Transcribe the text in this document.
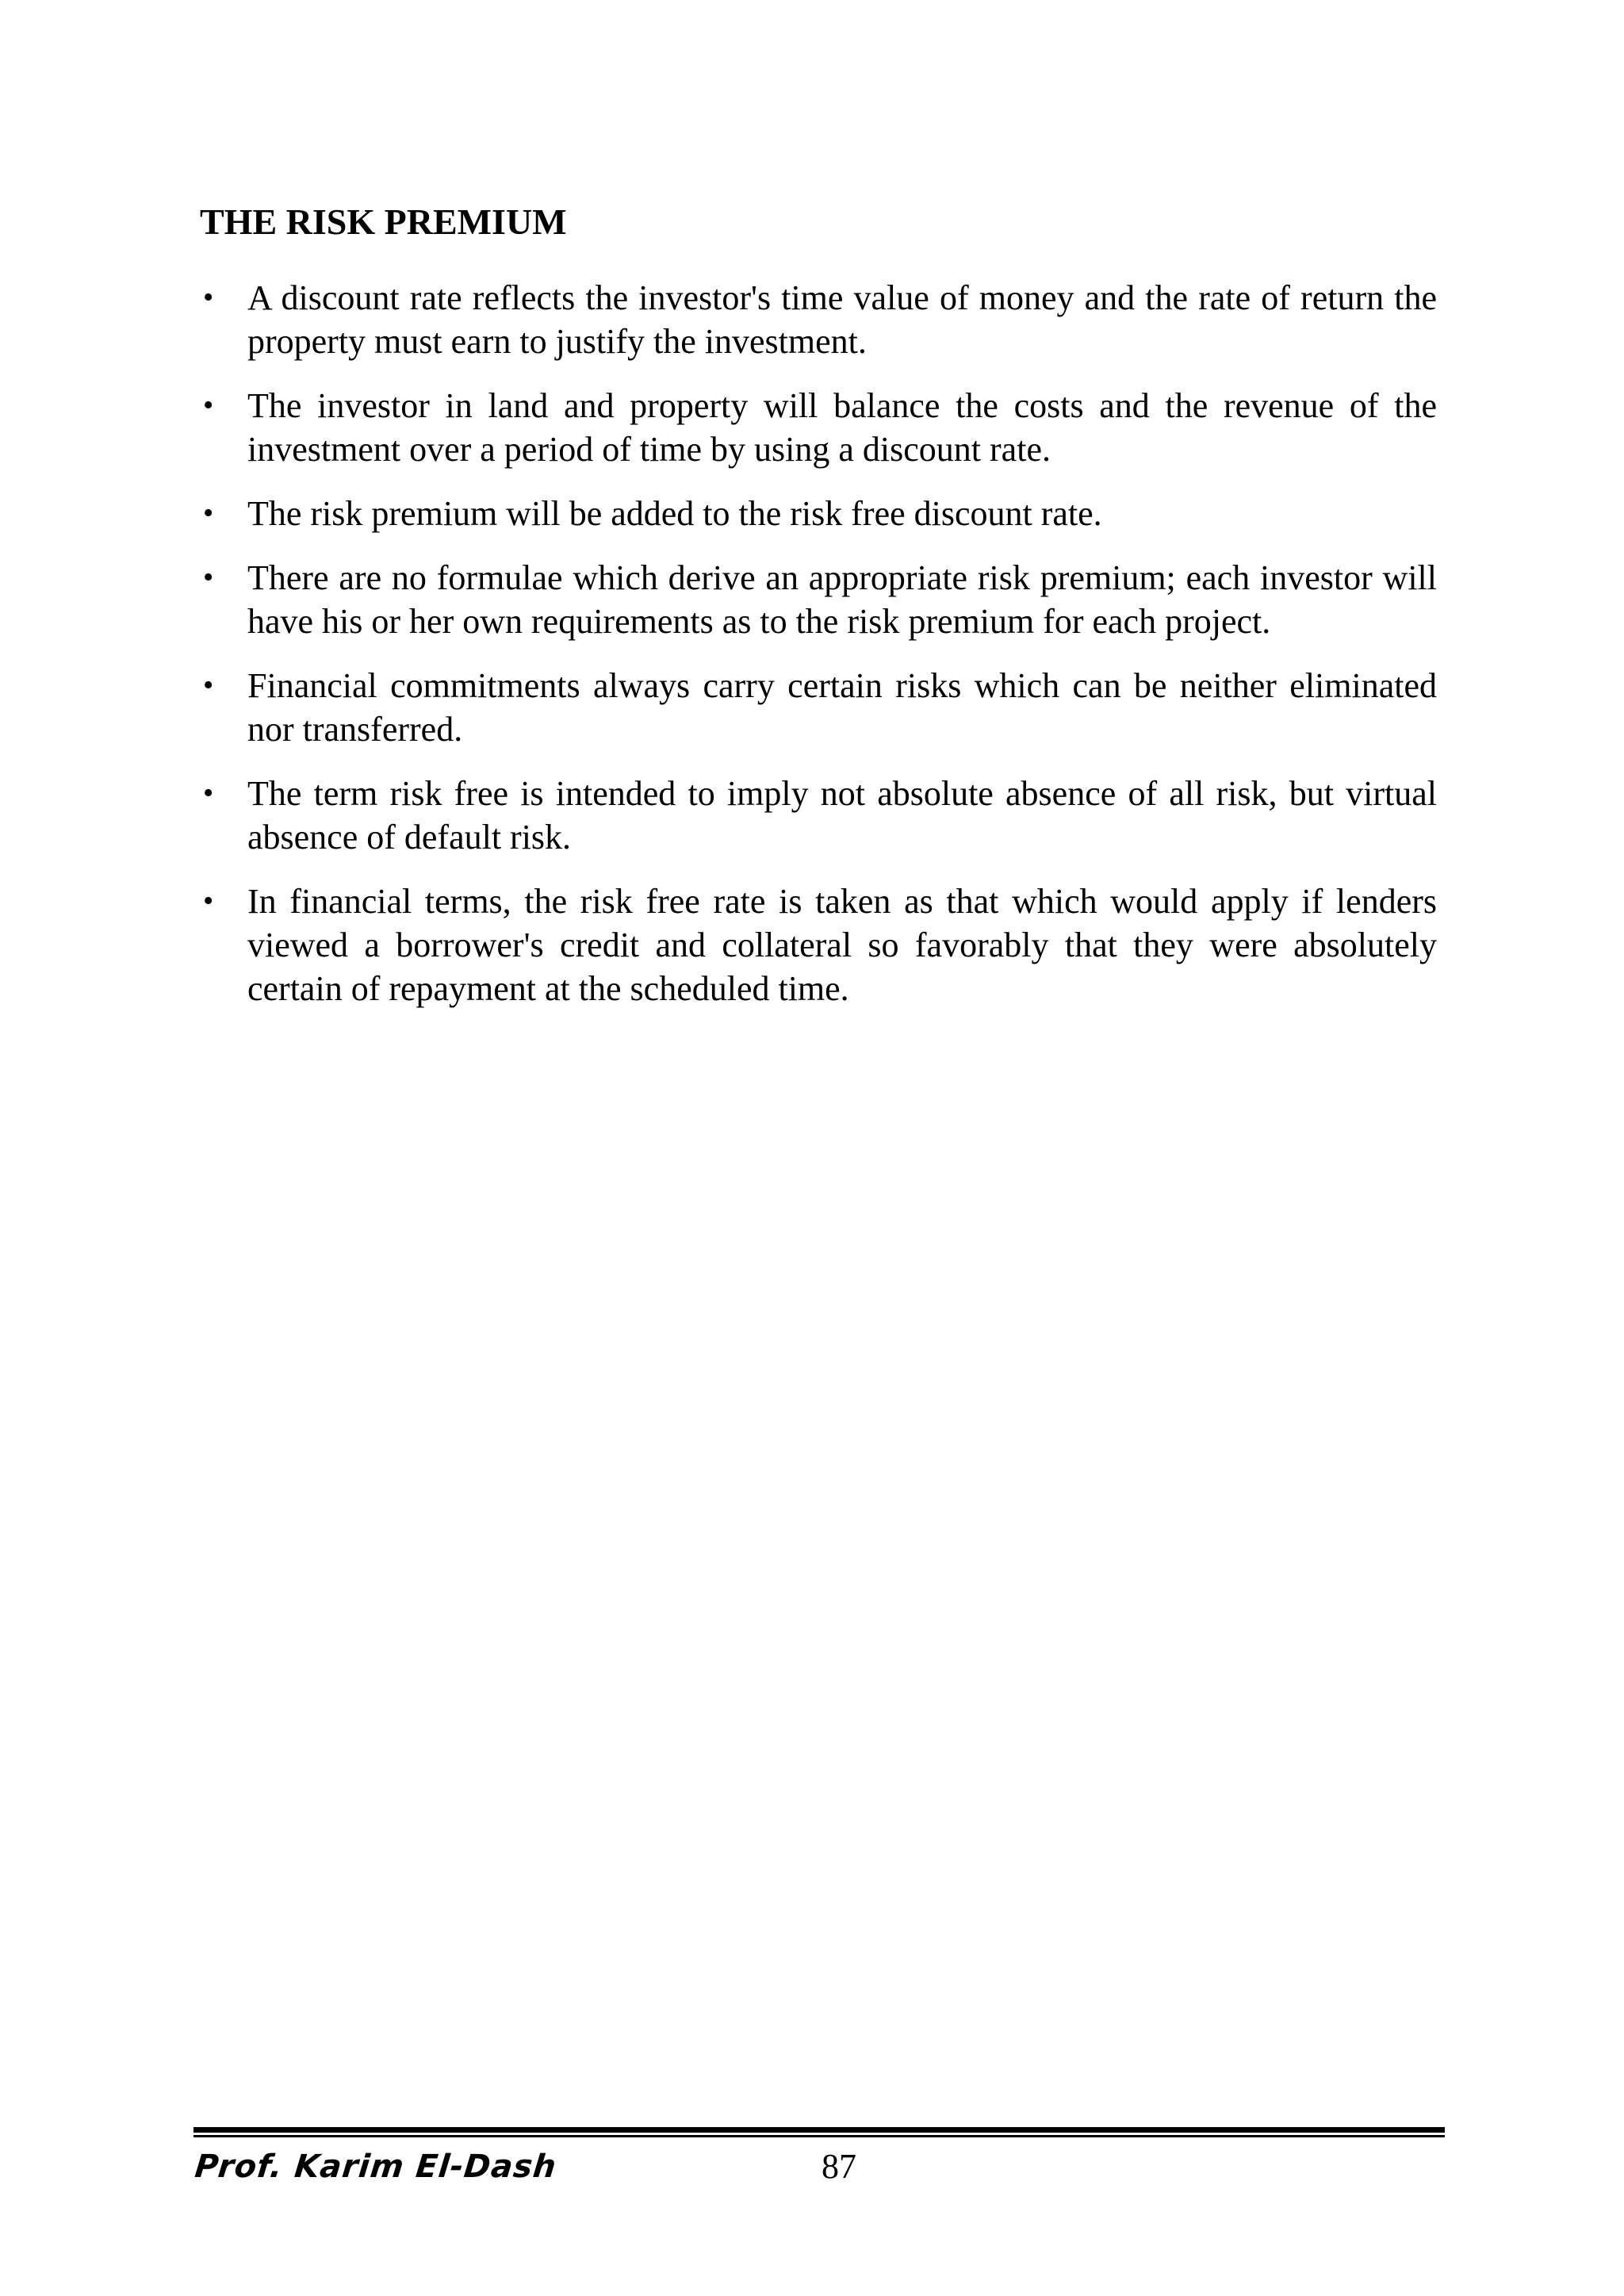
THE RISK PREMIUM
• A discount rate reflects the investor's time value of money and the rate of return the property must earn to justify the investment.
• The investor in land and property will balance the costs and the revenue of the investment over a period of time by using a discount rate.
• The risk premium will be added to the risk free discount rate.
• There are no formulae which derive an appropriate risk premium; each investor will have his or her own requirements as to the risk premium for each project.
• Financial commitments always carry certain risks which can be neither eliminated nor transferred.
• The term risk free is intended to imply not absolute absence of all risk, but virtual absence of default risk.
• In financial terms, the risk free rate is taken as that which would apply if lenders viewed a borrower's credit and collateral so favorably that they were absolutely certain of repayment at the scheduled time.
Prof. Karim El-Dash	87
